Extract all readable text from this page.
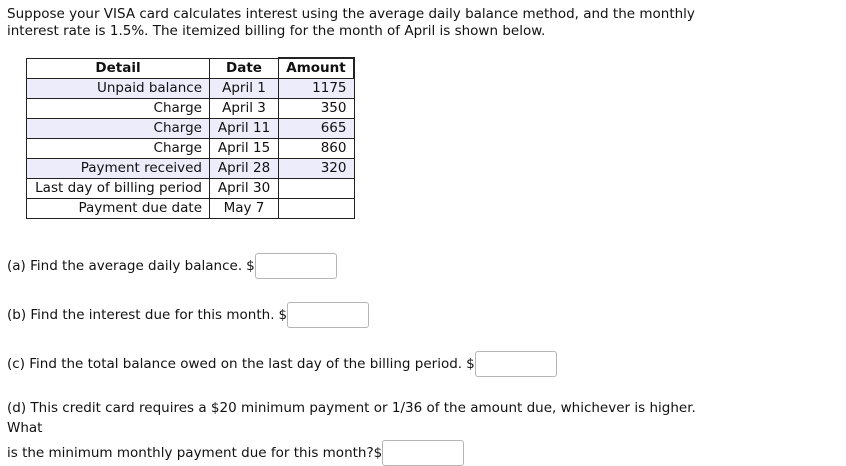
Suppose your VISA card calculates interest using the average daily balance method, and the monthly
interest rate is 1.5%. The itemized billing for the month of April is shown below.
Detail	Date	Amount
Unpaid balance	April 1	1175
Charge	April 3	350
Charge	April 11	665
Charge	April 15	860
Payment received	April 28	320
Last day of billing period	April 30	
Payment due date	May 7	
(a) Find the average daily balance. $
(b) Find the interest due for this month. $
(c) Find the total balance owed on the last day of the billing period. $
(d) This credit card requires a $20 minimum payment or 1/36 of the amount due, whichever is higher. What
is the minimum monthly payment due for this month? $
